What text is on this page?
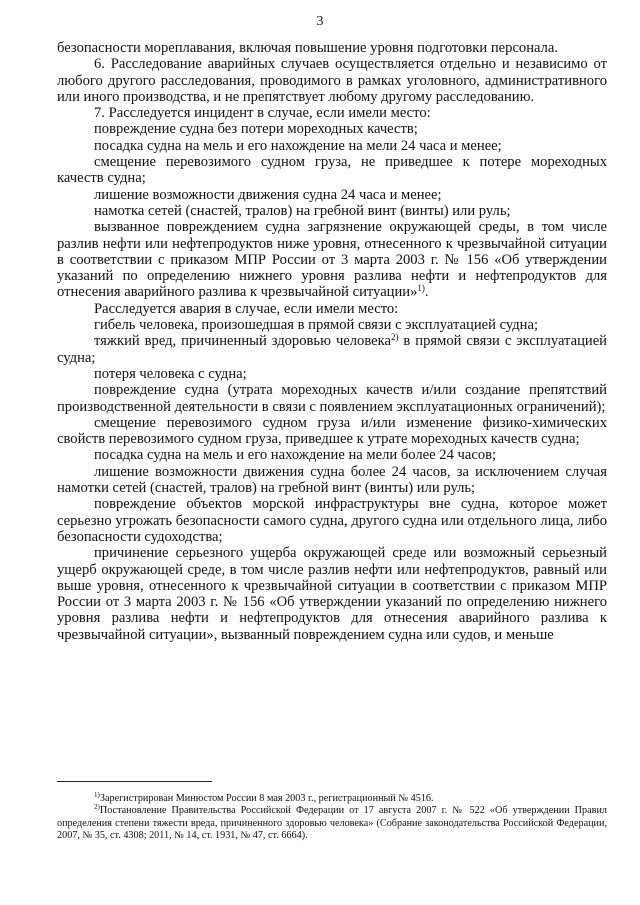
3

безопасности мореплавания, включая повышение уровня подготовки персонала.

6. Расследование аварийных случаев осуществляется отдельно и независимо от любого другого расследования, проводимого в рамках уголовного, административного или иного производства, и не препятствует любому другому расследованию.

7. Расследуется инцидент в случае, если имели место:

повреждение судна без потери мореходных качеств;

посадка судна на мель и его нахождение на мели 24 часа и менее;

смещение перевозимого судном груза, не приведшее к потере мореходных качеств судна;

лишение возможности движения судна 24 часа и менее;

намотка сетей (снастей, тралов) на гребной винт (винты) или руль;

вызванное повреждением судна загрязнение окружающей среды, в том числе разлив нефти или нефтепродуктов ниже уровня, отнесенного к чрезвычайной ситуации в соответствии с приказом МПР России от 3 марта 2003 г. № 156 «Об утверждении указаний по определению нижнего уровня разлива нефти и нефтепродуктов для отнесения аварийного разлива к чрезвычайной ситуации»$^{1)}$.

Расследуется авария в случае, если имели место:

гибель человека, произошедшая в прямой связи с эксплуатацией судна;

тяжкий вред, причиненный здоровью человека$^{2)}$ в прямой связи с эксплуатацией судна;

потеря человека с судна;

повреждение судна (утрата мореходных качеств и/или создание препятствий производственной деятельности в связи с появлением эксплуатационных ограничений);

смещение перевозимого судном груза и/или изменение физико-химических свойств перевозимого судном груза, приведшее к утрате мореходных качеств судна;

посадка судна на мель и его нахождение на мели более 24 часов;

лишение возможности движения судна более 24 часов, за исключением случая намотки сетей (снастей, тралов) на гребной винт (винты) или руль;

повреждение объектов морской инфраструктуры вне судна, которое может серьезно угрожать безопасности самого судна, другого судна или отдельного лица, либо безопасности судоходства;

причинение серьезного ущерба окружающей среде или возможный серьезный ущерб окружающей среде, в том числе разлив нефти или нефтепродуктов, равный или выше уровня, отнесенного к чрезвычайной ситуации в соответствии с приказом МПР России от 3 марта 2003 г. № 156 «Об утверждении указаний по определению нижнего уровня разлива нефти и нефтепродуктов для отнесения аварийного разлива к чрезвычайной ситуации», вызванный повреждением судна или судов, и меньше

$^{1)}$Зарегистрирован Минюстом России 8 мая 2003 г., регистрационный № 4516.

$^{2)}$Постановление Правительства Российской Федерации от 17 августа 2007 г. № 522 «Об утверждении Правил определения степени тяжести вреда, причиненного здоровью человека» (Собрание законодательства Российской Федерации, 2007, № 35, ст. 4308; 2011, № 14, ст. 1931, № 47, ст. 6664).
